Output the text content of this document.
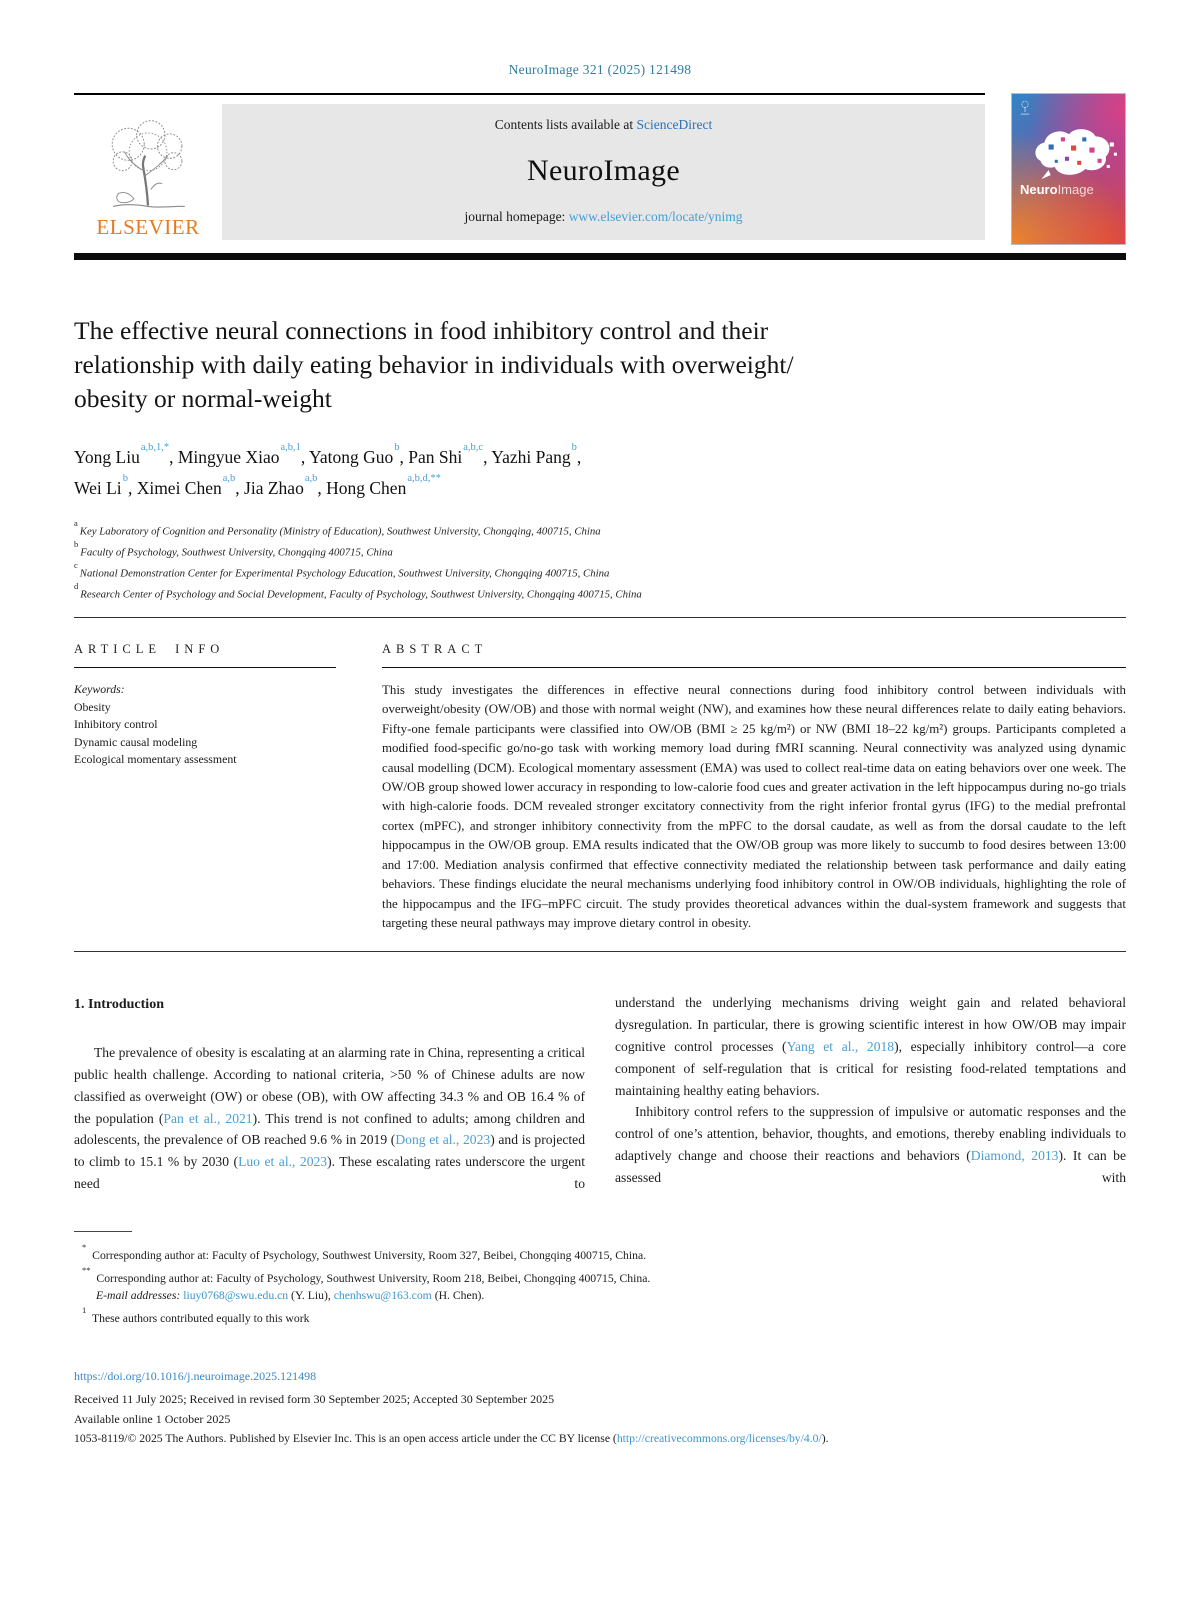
NeuroImage 321 (2025) 121498
ELSEVIER
Contents lists available at ScienceDirect
NeuroImage
journal homepage: www.elsevier.com/locate/ynimg
NeuroImage
The effective neural connections in food inhibitory control and their
relationship with daily eating behavior in individuals with overweight/
obesity or normal-weight
Yong Liu$^{a,b,1,*}$, Mingyue Xiao$^{a,b,1}$, Yatong Guo$^b$, Pan Shi$^{a,b,c}$, Yazhi Pang$^b$,
Wei Li$^b$, Ximei Chen$^{a,b}$, Jia Zhao$^{a,b}$, Hong Chen$^{a,b,d,**}$
$^a$Key Laboratory of Cognition and Personality (Ministry of Education), Southwest University, Chongqing, 400715, China
$^b$Faculty of Psychology, Southwest University, Chongqing 400715, China
$^c$National Demonstration Center for Experimental Psychology Education, Southwest University, Chongqing 400715, China
$^d$Research Center of Psychology and Social Development, Faculty of Psychology, Southwest University, Chongqing 400715, China
ARTICLE INFO
Keywords:
Obesity
Inhibitory control
Dynamic causal modeling
Ecological momentary assessment
ABSTRACT
This study investigates the differences in effective neural connections during food inhibitory control between individuals with overweight/obesity (OW/OB) and those with normal weight (NW), and examines how these neural differences relate to daily eating behaviors. Fifty-one female participants were classified into OW/OB (BMI ≥ 25 kg/m²) or NW (BMI 18–22 kg/m²) groups. Participants completed a modified food-specific go/no-go task with working memory load during fMRI scanning. Neural connectivity was analyzed using dynamic causal modelling (DCM). Ecological momentary assessment (EMA) was used to collect real-time data on eating behaviors over one week. The OW/OB group showed lower accuracy in responding to low-calorie food cues and greater activation in the left hippocampus during no-go trials with high-calorie foods. DCM revealed stronger excitatory connectivity from the right inferior frontal gyrus (IFG) to the medial prefrontal cortex (mPFC), and stronger inhibitory connectivity from the mPFC to the dorsal caudate, as well as from the dorsal caudate to the left hippocampus in the OW/OB group. EMA results indicated that the OW/OB group was more likely to succumb to food desires between 13:00 and 17:00. Mediation analysis confirmed that effective connectivity mediated the relationship between task performance and daily eating behaviors. These findings elucidate the neural mechanisms underlying food inhibitory control in OW/OB individuals, highlighting the role of the hippocampus and the IFG–mPFC circuit. The study provides theoretical advances within the dual-system framework and suggests that targeting these neural pathways may improve dietary control in obesity.
1. Introduction

The prevalence of obesity is escalating at an alarming rate in China, representing a critical public health challenge. According to national criteria, >50 % of Chinese adults are now classified as overweight (OW) or obese (OB), with OW affecting 34.3 % and OB 16.4 % of the population (Pan et al., 2021). This trend is not confined to adults; among children and adolescents, the prevalence of OB reached 9.6 % in 2019 (Dong et al., 2023) and is projected to climb to 15.1 % by 2030 (Luo et al., 2023). These escalating rates underscore the urgent need to

understand the underlying mechanisms driving weight gain and related behavioral dysregulation. In particular, there is growing scientific interest in how OW/OB may impair cognitive control processes (Yang et al., 2018), especially inhibitory control—a core component of self-regulation that is critical for resisting food-related temptations and maintaining healthy eating behaviors.

Inhibitory control refers to the suppression of impulsive or automatic responses and the control of one’s attention, behavior, thoughts, and emotions, thereby enabling individuals to adaptively change and choose their reactions and behaviors (Diamond, 2013). It can be assessed with

* Corresponding author at: Faculty of Psychology, Southwest University, Room 327, Beibei, Chongqing 400715, China.
** Corresponding author at: Faculty of Psychology, Southwest University, Room 218, Beibei, Chongqing 400715, China.
E-mail addresses: liuy0768@swu.edu.cn (Y. Liu), chenhswu@163.com (H. Chen).
$^1$ These authors contributed equally to this work
https://doi.org/10.1016/j.neuroimage.2025.121498
Received 11 July 2025; Received in revised form 30 September 2025; Accepted 30 September 2025
Available online 1 October 2025
1053-8119/© 2025 The Authors. Published by Elsevier Inc. This is an open access article under the CC BY license (http://creativecommons.org/licenses/by/4.0/).
